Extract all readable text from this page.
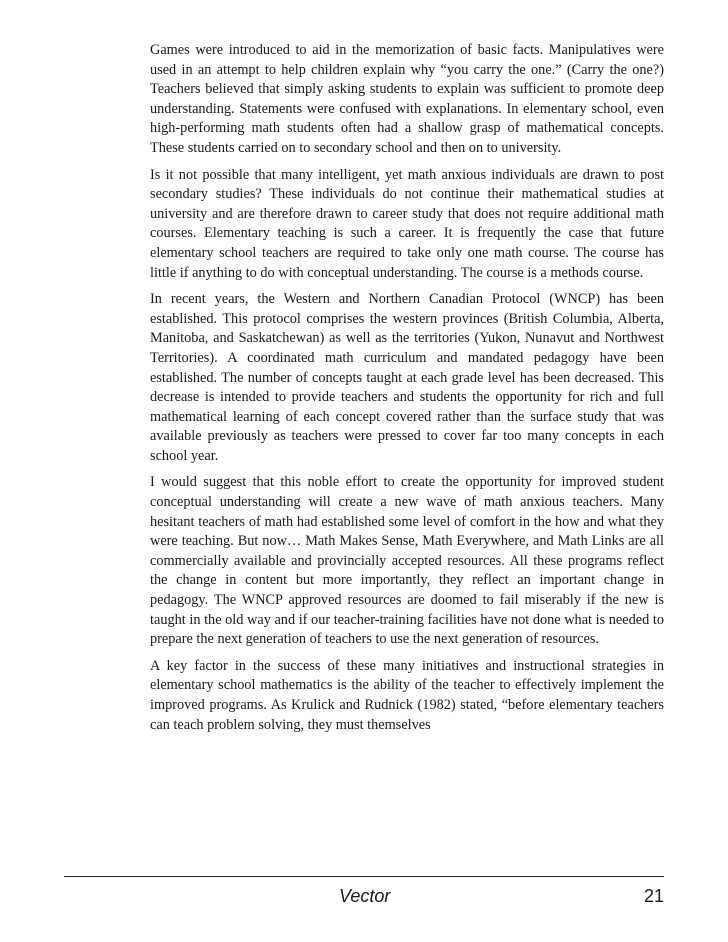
Games were introduced to aid in the memorization of basic facts. Manipulatives were used in an attempt to help children explain why “you carry the one.” (Carry the one?) Teachers believed that simply asking students to explain was sufficient to promote deep understanding. Statements were confused with explanations. In elementary school, even high-performing math students often had a shallow grasp of mathematical concepts. These students carried on to secondary school and then on to university.

Is it not possible that many intelligent, yet math anxious individuals are drawn to post secondary studies? These individuals do not continue their mathematical studies at university and are therefore drawn to career study that does not require additional math courses. Elementary teaching is such a career. It is frequently the case that future elementary school teachers are required to take only one math course. The course has little if anything to do with conceptual understanding. The course is a methods course.

In recent years, the Western and Northern Canadian Protocol (WNCP) has been established. This protocol comprises the western provinces (British Columbia, Alberta, Manitoba, and Saskatchewan) as well as the territories (Yukon, Nunavut and Northwest Territories). A coordinated math curriculum and mandated pedagogy have been established. The number of concepts taught at each grade level has been decreased. This decrease is intended to provide teachers and students the opportunity for rich and full mathematical learning of each concept covered rather than the surface study that was available previously as teachers were pressed to cover far too many concepts in each school year.

I would suggest that this noble effort to create the opportunity for improved student conceptual understanding will create a new wave of math anxious teachers. Many hesitant teachers of math had established some level of comfort in the how and what they were teaching. But now… Math Makes Sense, Math Everywhere, and Math Links are all commercially available and provincially accepted resources. All these programs reflect the change in content but more importantly, they reflect an important change in pedagogy. The WNCP approved resources are doomed to fail miserably if the new is taught in the old way and if our teacher-training facilities have not done what is needed to prepare the next generation of teachers to use the next generation of resources.

A key factor in the success of these many initiatives and instructional strategies in elementary school mathematics is the ability of the teacher to effectively implement the improved programs. As Krulick and Rudnick (1982) stated, “before elementary teachers can teach problem solving, they must themselves

Vector	21
